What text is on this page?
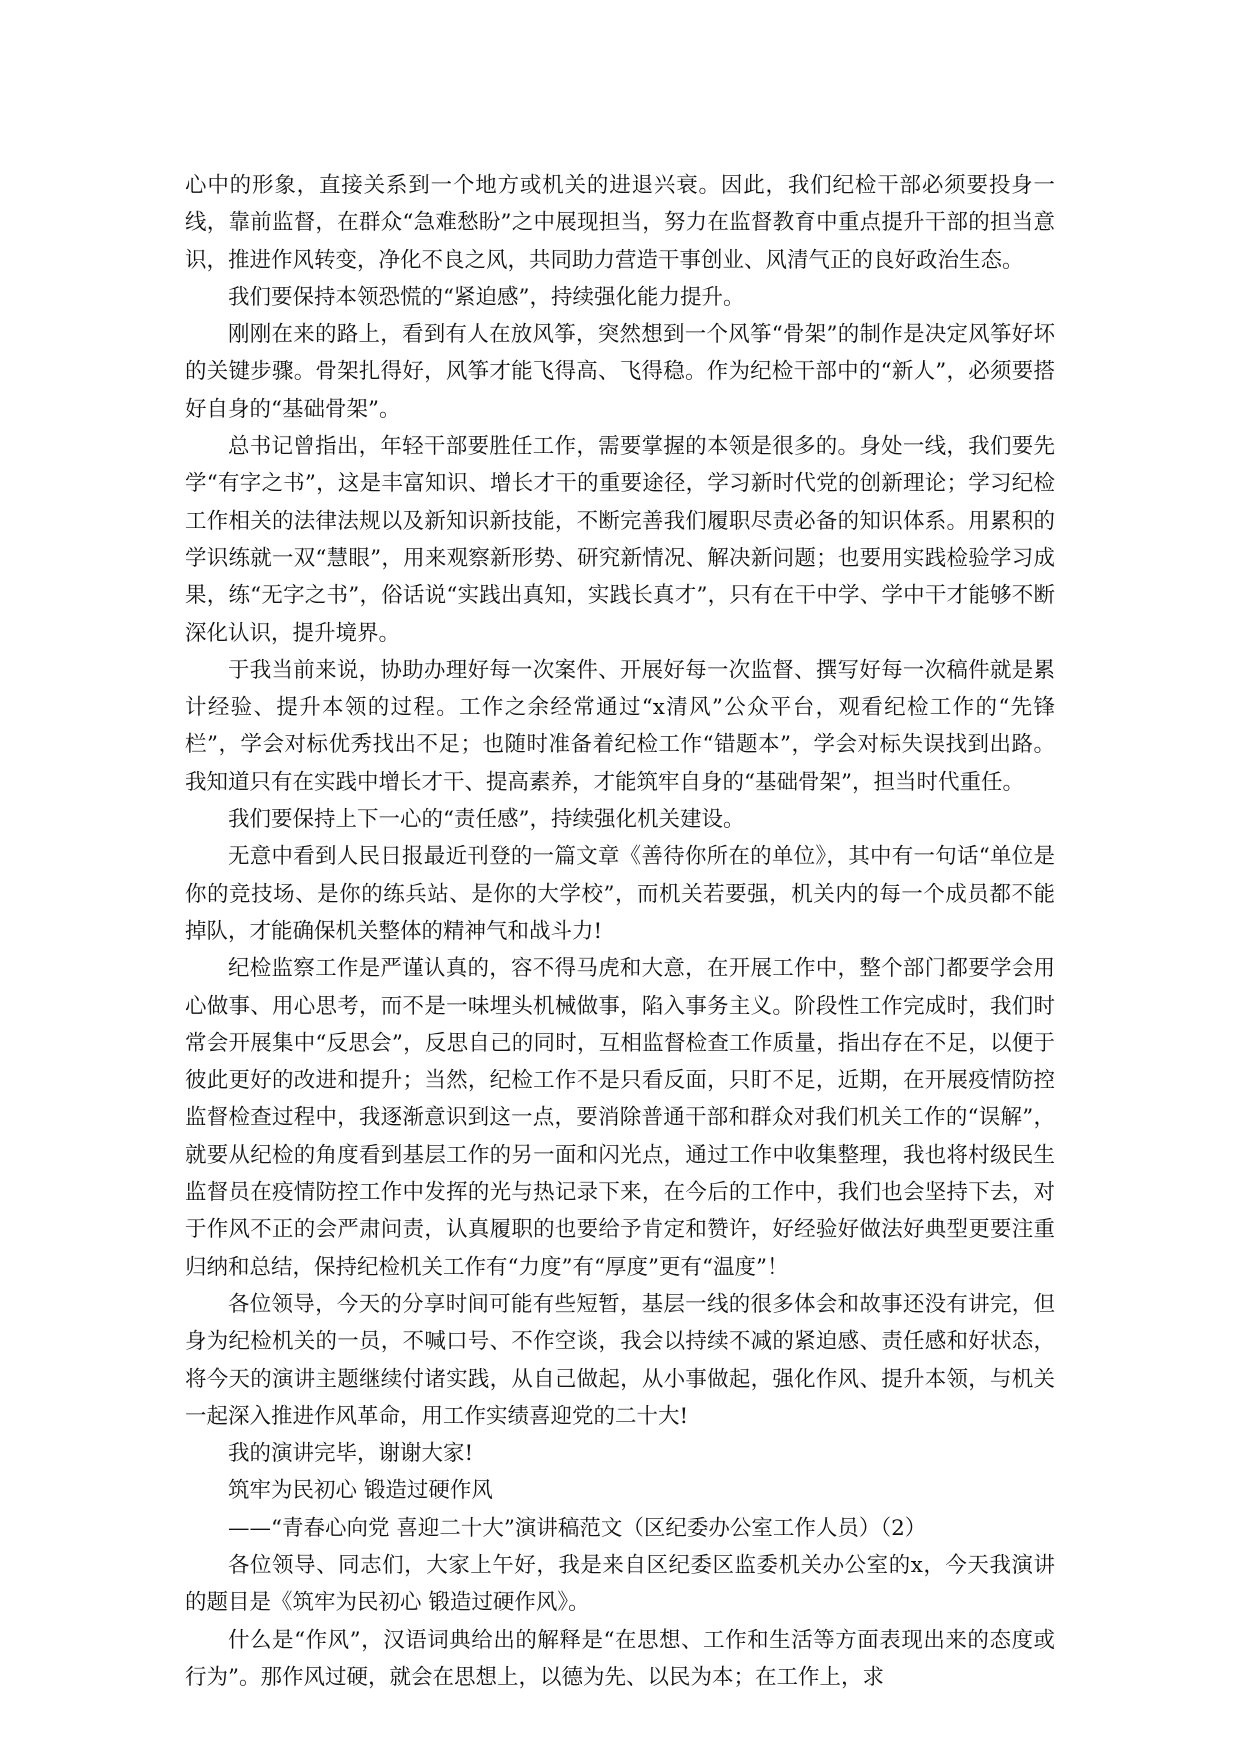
心中的形象，直接关系到一个地方或机关的进退兴衰。因此，我们纪检干部必须要投身一线，靠前监督，在群众“急难愁盼”之中展现担当，努力在监督教育中重点提升干部的担当意识，推进作风转变，净化不良之风，共同助力营造干事创业、风清气正的良好政治生态。

我们要保持本领恐慌的“紧迫感”，持续强化能力提升。

刚刚在来的路上，看到有人在放风筝，突然想到一个风筝“骨架”的制作是决定风筝好坏的关键步骤。骨架扎得好，风筝才能飞得高、飞得稳。作为纪检干部中的“新人”，必须要搭好自身的“基础骨架”。

总书记曾指出，年轻干部要胜任工作，需要掌握的本领是很多的。身处一线，我们要先学“有字之书”，这是丰富知识、增长才干的重要途径，学习新时代党的创新理论；学习纪检工作相关的法律法规以及新知识新技能，不断完善我们履职尽责必备的知识体系。用累积的学识练就一双“慧眼”，用来观察新形势、研究新情况、解决新问题；也要用实践检验学习成果，练“无字之书”，俗话说“实践出真知，实践长真才”，只有在干中学、学中干才能够不断深化认识，提升境界。

于我当前来说，协助办理好每一次案件、开展好每一次监督、撰写好每一次稿件就是累计经验、提升本领的过程。工作之余经常通过“x清风”公众平台，观看纪检工作的“先锋栏”，学会对标优秀找出不足；也随时准备着纪检工作“错题本”，学会对标失误找到出路。我知道只有在实践中增长才干、提高素养，才能筑牢自身的“基础骨架”，担当时代重任。

我们要保持上下一心的“责任感”，持续强化机关建设。

无意中看到人民日报最近刊登的一篇文章《善待你所在的单位》，其中有一句话“单位是你的竞技场、是你的练兵站、是你的大学校”，而机关若要强，机关内的每一个成员都不能掉队，才能确保机关整体的精神气和战斗力!

纪检监察工作是严谨认真的，容不得马虎和大意，在开展工作中，整个部门都要学会用心做事、用心思考，而不是一味埋头机械做事，陷入事务主义。阶段性工作完成时，我们时常会开展集中“反思会”，反思自己的同时，互相监督检查工作质量，指出存在不足，以便于彼此更好的改进和提升；当然，纪检工作不是只看反面，只盯不足，近期，在开展疫情防控监督检查过程中，我逐渐意识到这一点，要消除普通干部和群众对我们机关工作的“误解”，就要从纪检的角度看到基层工作的另一面和闪光点，通过工作中收集整理，我也将村级民生监督员在疫情防控工作中发挥的光与热记录下来，在今后的工作中，我们也会坚持下去，对于作风不正的会严肃问责，认真履职的也要给予肯定和赞许，好经验好做法好典型更要注重归纳和总结，保持纪检机关工作有“力度”有“厚度”更有“温度”！

各位领导，今天的分享时间可能有些短暂，基层一线的很多体会和故事还没有讲完，但身为纪检机关的一员，不喊口号、不作空谈，我会以持续不减的紧迫感、责任感和好状态，将今天的演讲主题继续付诸实践，从自己做起，从小事做起，强化作风、提升本领，与机关一起深入推进作风革命，用工作实绩喜迎党的二十大!

我的演讲完毕，谢谢大家!

筑牢为民初心 锻造过硬作风

——“青春心向党 喜迎二十大”演讲稿范文（区纪委办公室工作人员）（2）

各位领导、同志们，大家上午好，我是来自区纪委区监委机关办公室的x，今天我演讲的题目是《筑牢为民初心 锻造过硬作风》。

什么是“作风”，汉语词典给出的解释是“在思想、工作和生活等方面表现出来的态度或行为”。那作风过硬，就会在思想上，以德为先、以民为本；在工作上，求
